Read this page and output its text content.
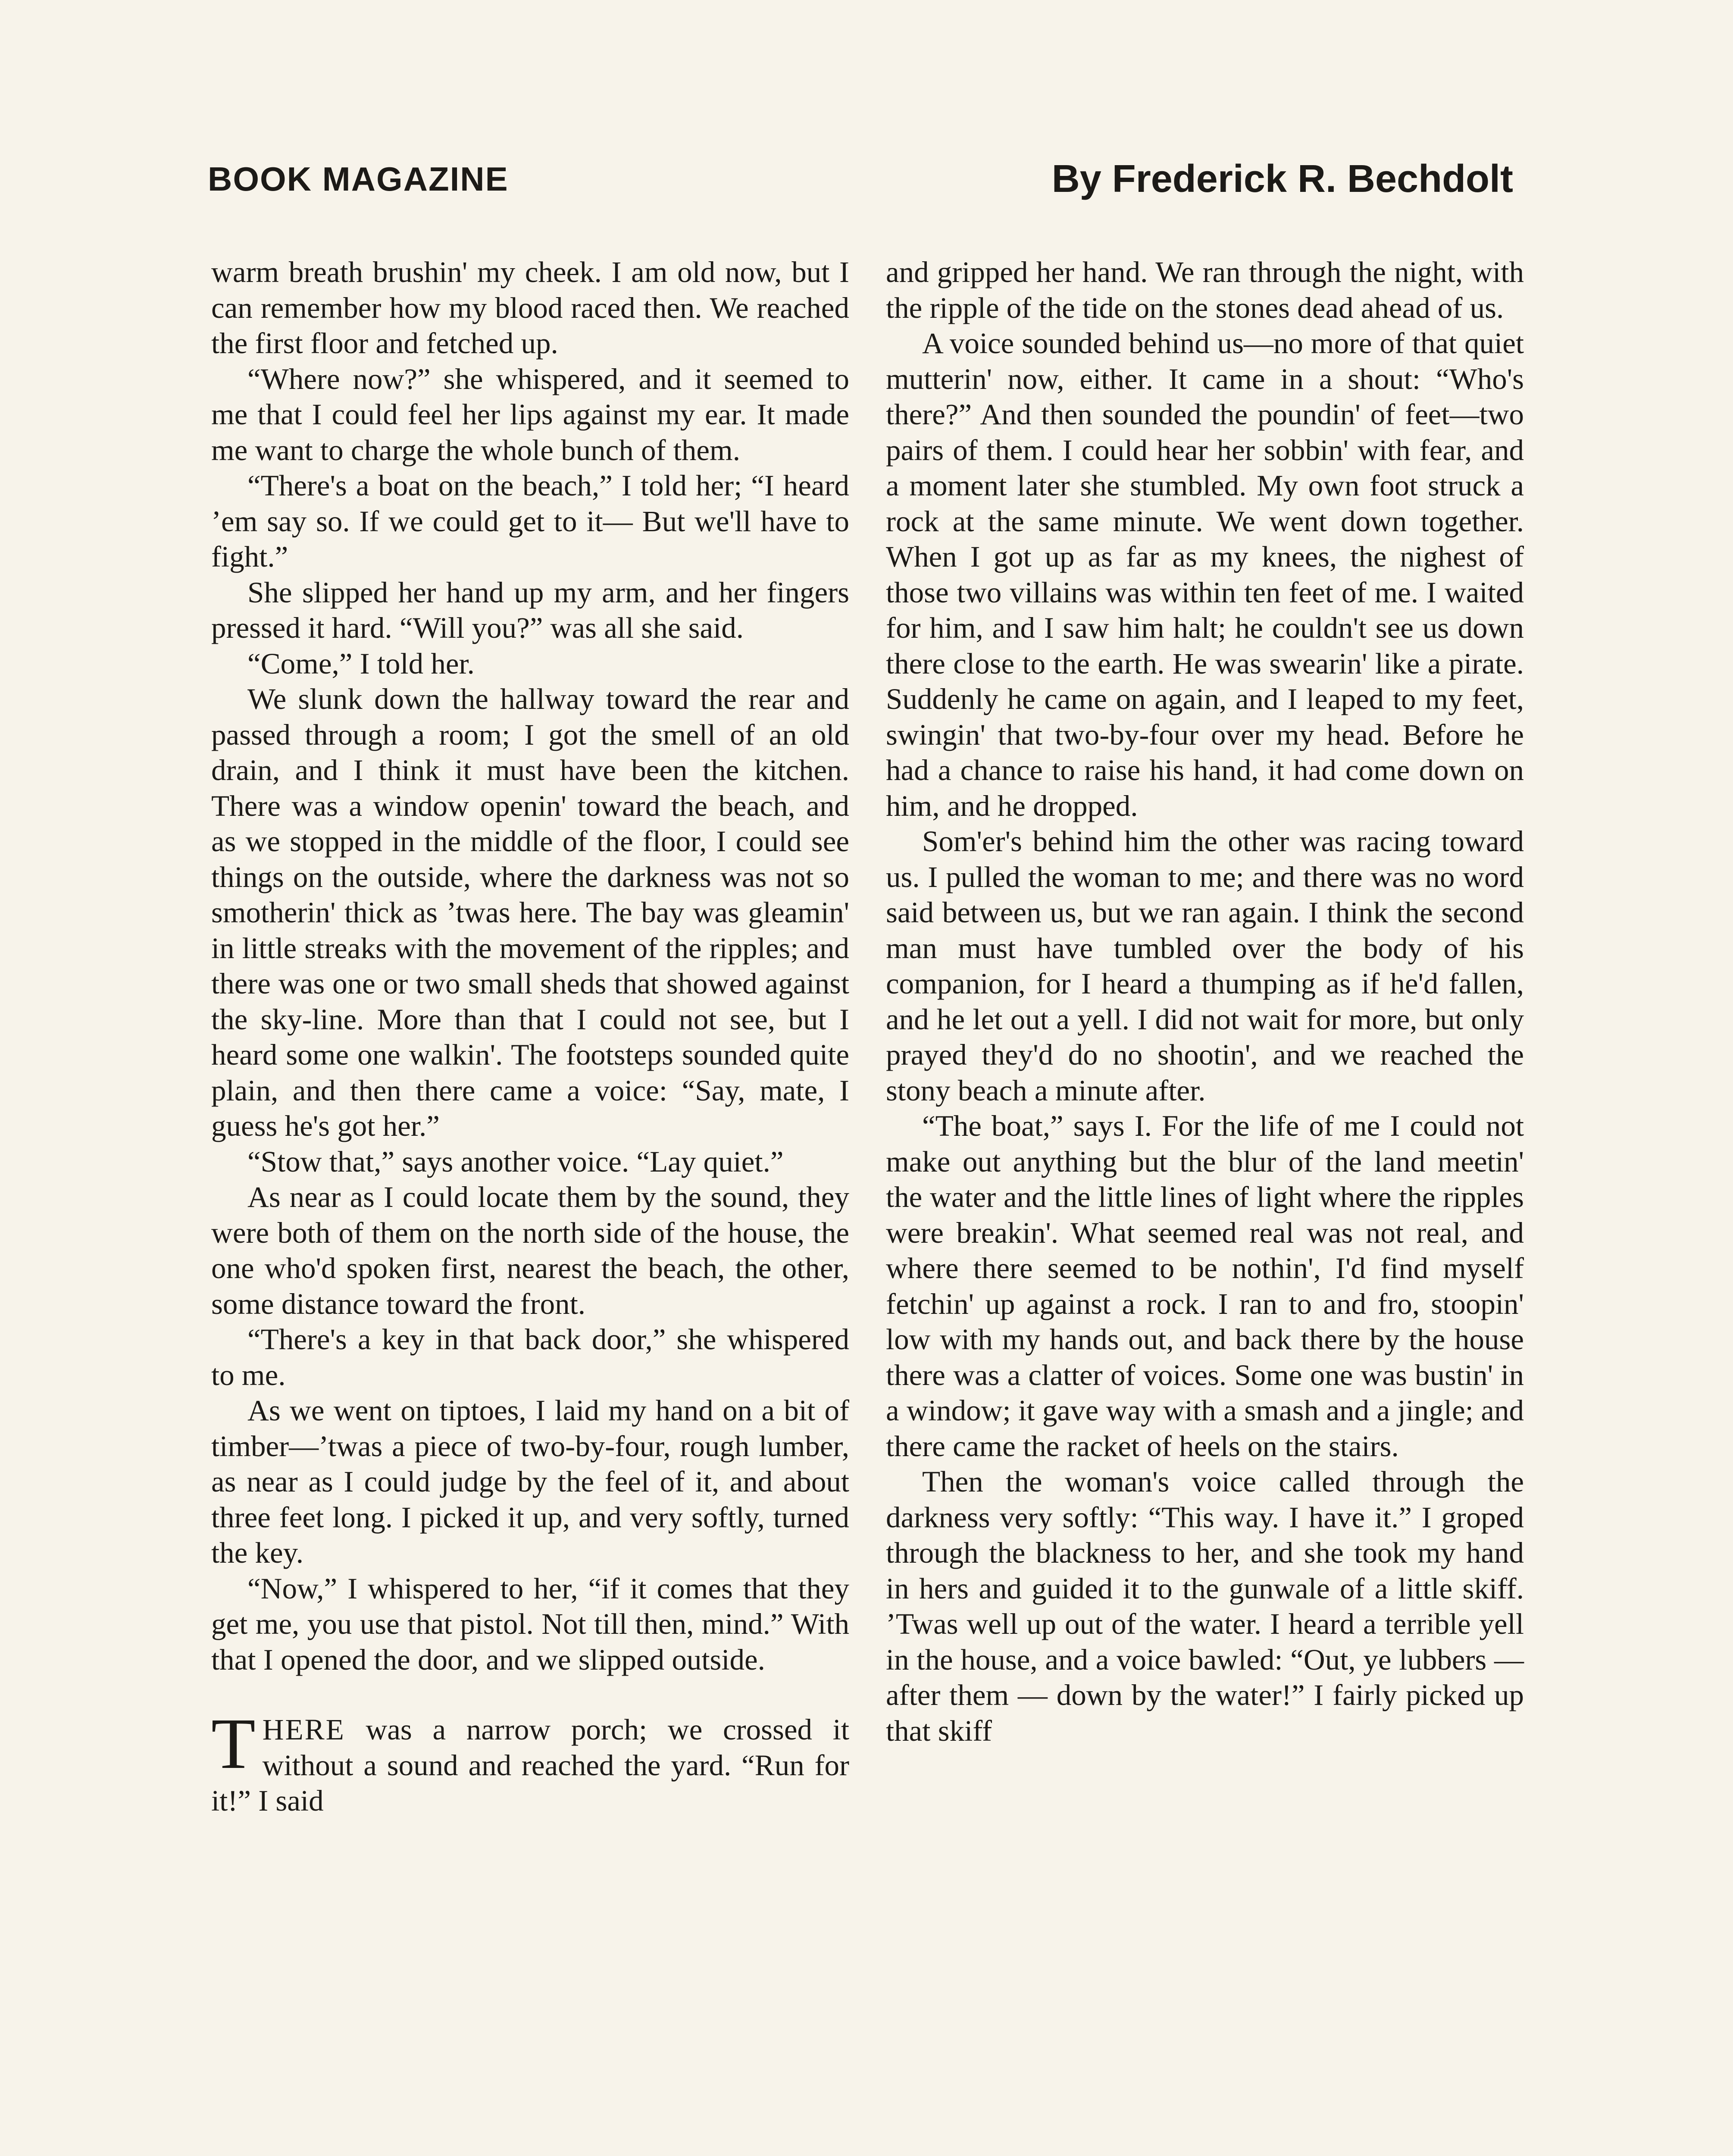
BOOK MAGAZINE	By Frederick R. Bechdolt

warm breath brushin' my cheek. I am old now, but I can remember how my blood raced then. We reached the first floor and fetched up.

“Where now?” she whispered, and it seemed to me that I could feel her lips against my ear. It made me want to charge the whole bunch of them.

“There's a boat on the beach,” I told her; “I heard ’em say so. If we could get to it— But we'll have to fight.”

She slipped her hand up my arm, and her fingers pressed it hard. “Will you?” was all she said.

“Come,” I told her.

We slunk down the hallway toward the rear and passed through a room; I got the smell of an old drain, and I think it must have been the kitchen. There was a window openin' toward the beach, and as we stopped in the middle of the floor, I could see things on the outside, where the darkness was not so smotherin' thick as ’twas here. The bay was gleamin' in little streaks with the movement of the ripples; and there was one or two small sheds that showed against the sky-line. More than that I could not see, but I heard some one walkin'. The footsteps sounded quite plain, and then there came a voice: “Say, mate, I guess he's got her.”

“Stow that,” says another voice. “Lay quiet.”

As near as I could locate them by the sound, they were both of them on the north side of the house, the one who'd spoken first, nearest the beach, the other, some distance toward the front.

“There's a key in that back door,” she whispered to me.

As we went on tiptoes, I laid my hand on a bit of timber—’twas a piece of two-by-four, rough lumber, as near as I could judge by the feel of it, and about three feet long. I picked it up, and very softly, turned the key.

“Now,” I whispered to her, “if it comes that they get me, you use that pistol. Not till then, mind.” With that I opened the door, and we slipped outside.

THERE was a narrow porch; we crossed it without a sound and reached the yard. “Run for it!” I said

and gripped her hand. We ran through the night, with the ripple of the tide on the stones dead ahead of us.

A voice sounded behind us—no more of that quiet mutterin' now, either. It came in a shout: “Who's there?” And then sounded the poundin' of feet—two pairs of them. I could hear her sobbin' with fear, and a moment later she stumbled. My own foot struck a rock at the same minute. We went down together. When I got up as far as my knees, the nighest of those two villains was within ten feet of me. I waited for him, and I saw him halt; he couldn't see us down there close to the earth. He was swearin' like a pirate. Suddenly he came on again, and I leaped to my feet, swingin' that two-by-four over my head. Before he had a chance to raise his hand, it had come down on him, and he dropped.

Som'er's behind him the other was racing toward us. I pulled the woman to me; and there was no word said between us, but we ran again. I think the second man must have tumbled over the body of his companion, for I heard a thumping as if he'd fallen, and he let out a yell. I did not wait for more, but only prayed they'd do no shootin', and we reached the stony beach a minute after.

“The boat,” says I. For the life of me I could not make out anything but the blur of the land meetin' the water and the little lines of light where the ripples were breakin'. What seemed real was not real, and where there seemed to be nothin', I'd find myself fetchin' up against a rock. I ran to and fro, stoopin' low with my hands out, and back there by the house there was a clatter of voices. Some one was bustin' in a window; it gave way with a smash and a jingle; and there came the racket of heels on the stairs.

Then the woman's voice called through the darkness very softly: “This way. I have it.” I groped through the blackness to her, and she took my hand in hers and guided it to the gunwale of a little skiff. ’Twas well up out of the water. I heard a terrible yell in the house, and a voice bawled: “Out, ye lubbers — after them — down by the water!” I fairly picked up that skiff
